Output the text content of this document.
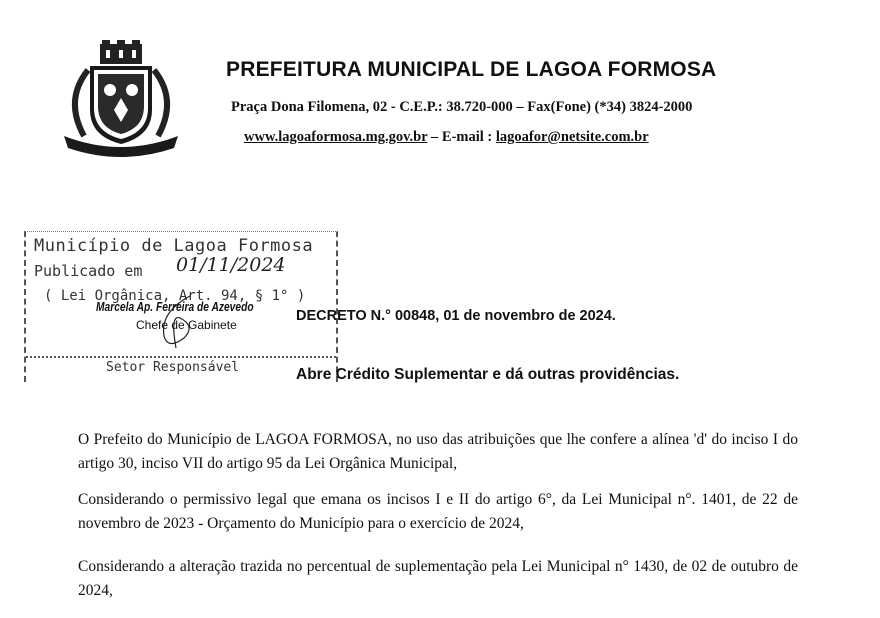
PREFEITURA MUNICIPAL DE LAGOA FORMOSA
Praça Dona Filomena, 02 - C.E.P.: 38.720-000 – Fax(Fone) (*34) 3824-2000
www.lagoaformosa.mg.gov.br – E-mail : lagoafor@netsite.com.br
Município de Lagoa Formosa
Publicado em 01/11/2024
( Lei Orgânica, Art. 94, § 1° )
Setor Responsável
Marcela Ap. Ferreira de Azevedo
Chefe de Gabinete
DECRETO N.° 00848, 01 de novembro de 2024.
Abre Crédito Suplementar e dá outras providências.
O Prefeito do Município de LAGOA FORMOSA, no uso das atribuições que lhe confere a alínea 'd' do inciso I do artigo 30, inciso VII do artigo 95 da Lei Orgânica Municipal,
Considerando o permissivo legal que emana os incisos I e II do artigo 6°, da Lei Municipal n°. 1401, de 22 de novembro de 2023 - Orçamento do Município para o exercício de 2024,
Considerando a alteração trazida no percentual de suplementação pela Lei Municipal n° 1430, de 02 de outubro de 2024,
